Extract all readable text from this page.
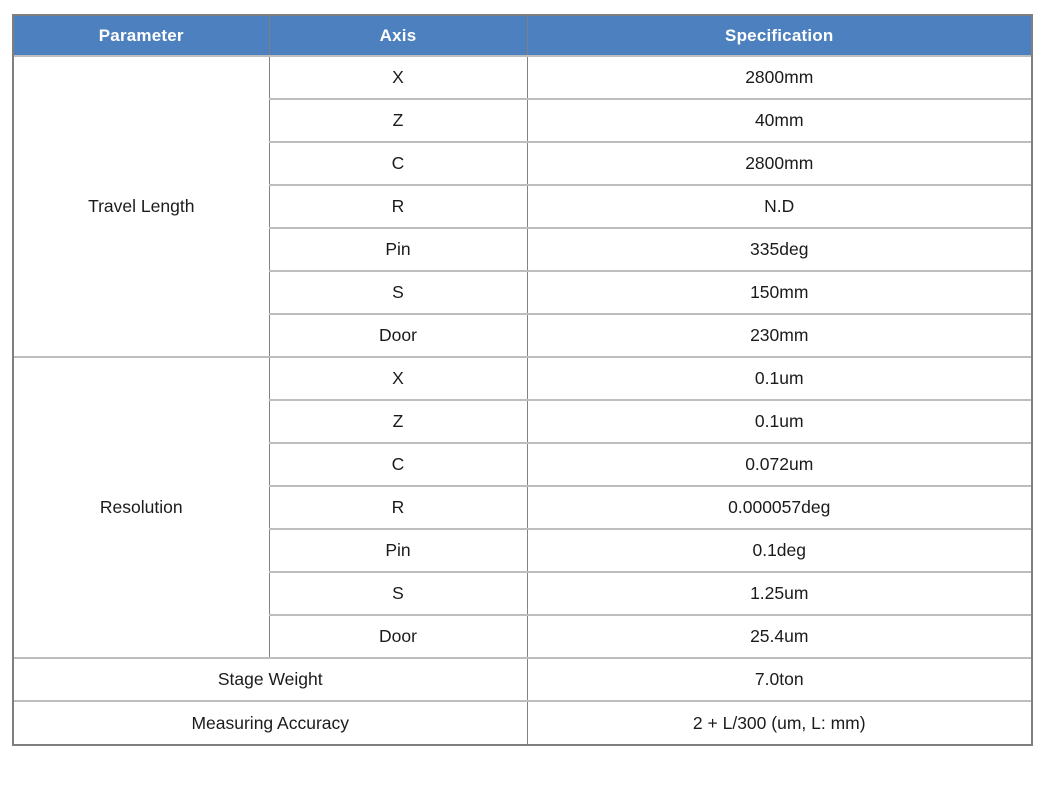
Parameter	Axis	Specification
Travel Length	X	2800mm
	Z	40mm
	C	2800mm
	R	N.D
	Pin	335deg
	S	150mm
	Door	230mm
Resolution	X	0.1um
	Z	0.1um
	C	0.072um
	R	0.000057deg
	Pin	0.1deg
	S	1.25um
	Door	25.4um
Stage Weight		7.0ton
Measuring Accuracy		2 + L/300 (um, L: mm)
